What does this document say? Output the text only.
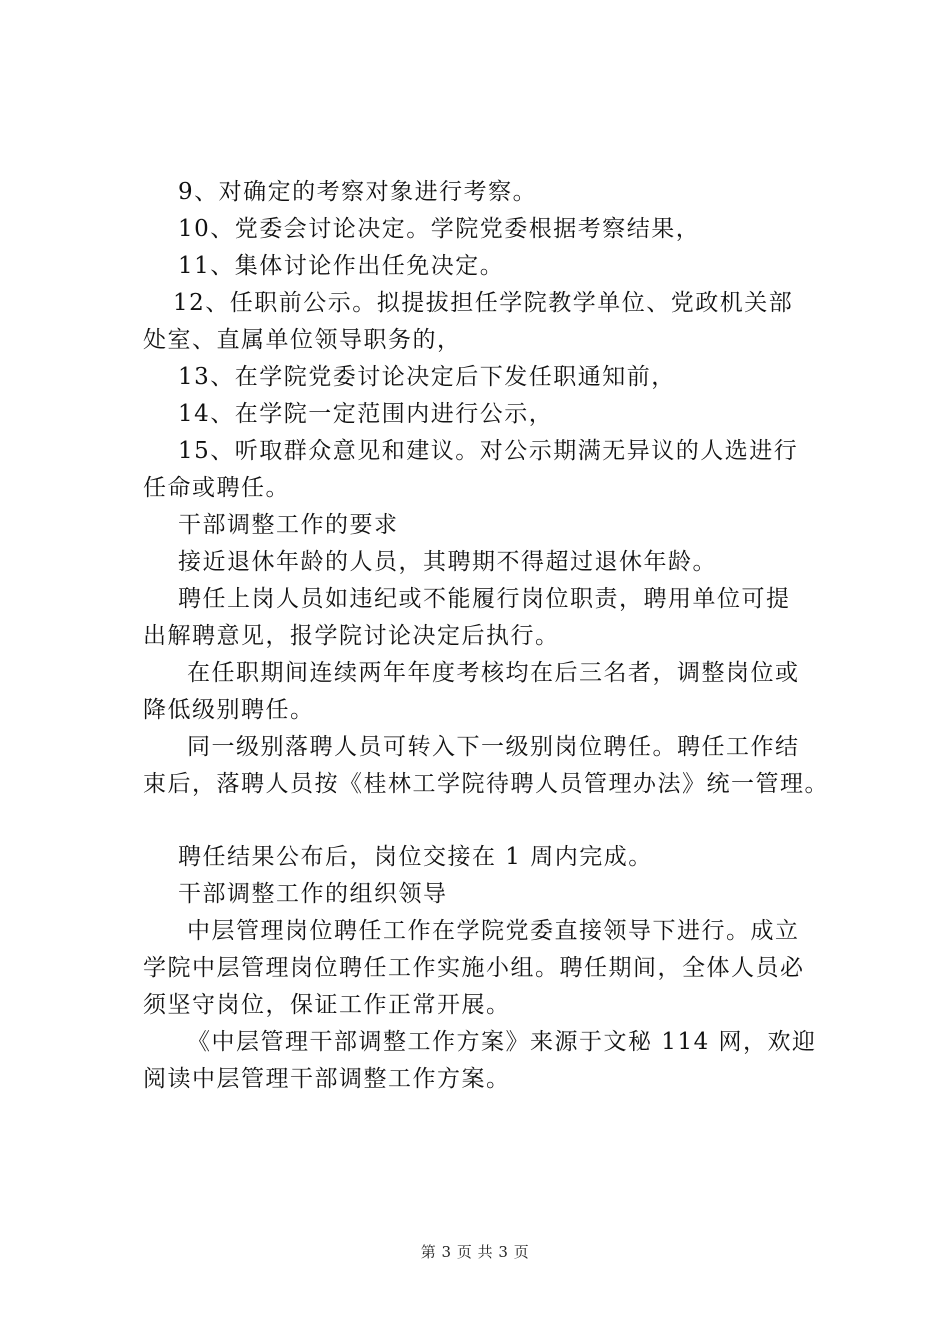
9、对确定的考察对象进行考察。
10、党委会讨论决定。学院党委根据考察结果，
11、集体讨论作出任免决定。
12、任职前公示。拟提拔担任学院教学单位、党政机关部
处室、直属单位领导职务的，
13、在学院党委讨论决定后下发任职通知前，
14、在学院一定范围内进行公示，
15、听取群众意见和建议。对公示期满无异议的人选进行
任命或聘任。
干部调整工作的要求
接近退休年龄的人员，其聘期不得超过退休年龄。
聘任上岗人员如违纪或不能履行岗位职责，聘用单位可提
出解聘意见，报学院讨论决定后执行。
在任职期间连续两年年度考核均在后三名者，调整岗位或
降低级别聘任。
同一级别落聘人员可转入下一级别岗位聘任。聘任工作结
束后，落聘人员按《桂林工学院待聘人员管理办法》统一管理。
聘任结果公布后，岗位交接在 1 周内完成。
干部调整工作的组织领导
中层管理岗位聘任工作在学院党委直接领导下进行。成立
学院中层管理岗位聘任工作实施小组。聘任期间，全体人员必
须坚守岗位，保证工作正常开展。
《中层管理干部调整工作方案》来源于文秘 114 网，欢迎
阅读中层管理干部调整工作方案。
第 3 页 共 3 页
